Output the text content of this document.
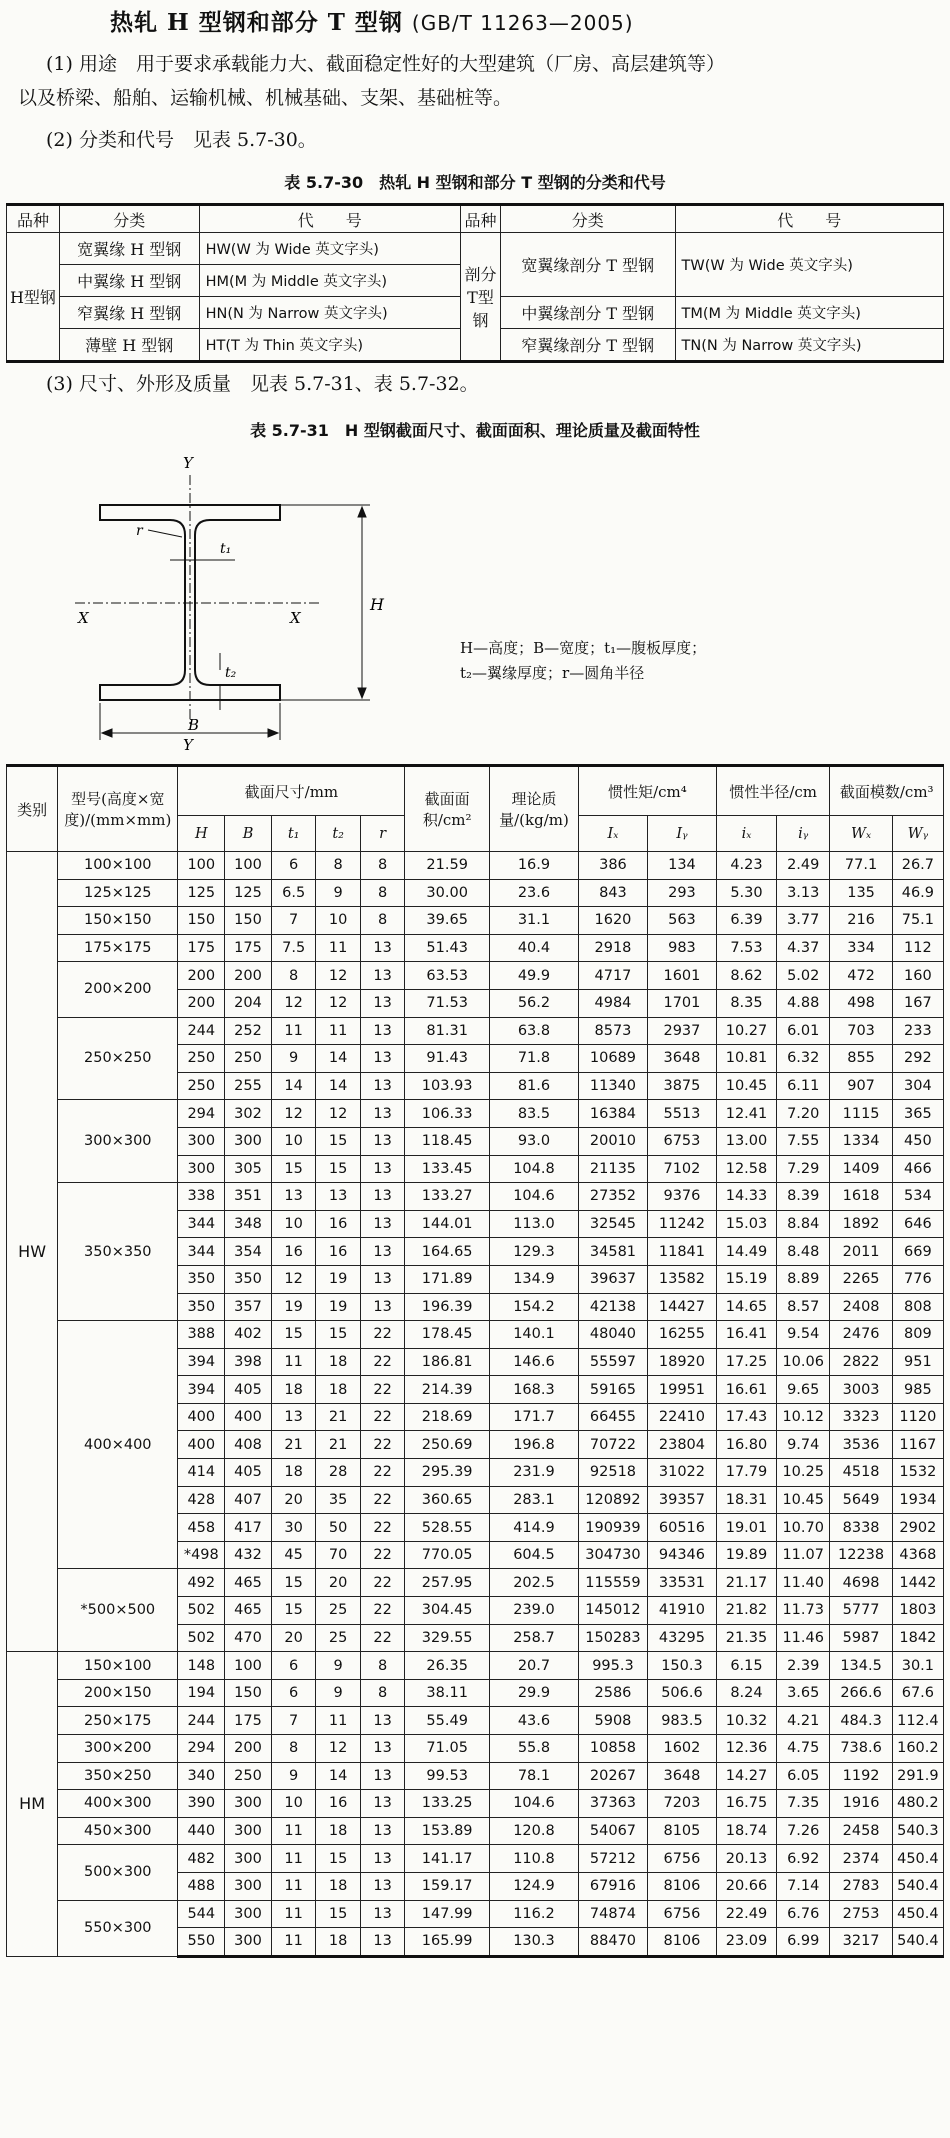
热轧 H 型钢和部分 T 型钢 (GB/T 11263—2005)
(1) 用途　用于要求承载能力大、截面稳定性好的大型建筑（厂房、高层建筑等）
以及桥梁、船舶、运输机械、机械基础、支架、基础桩等。
(2) 分类和代号　见表 5.7-30。
表 5.7-30　热轧 H 型钢和部分 T 型钢的分类和代号
品种	分类	代　　号	品种	分类	代　　号
H型钢	宽翼缘 H 型钢	HW(W 为 Wide 英文字头)	剖分T型钢	宽翼缘剖分 T 型钢	TW(W 为 Wide 英文字头)
	中翼缘 H 型钢	HM(M 为 Middle 英文字头)			
	窄翼缘 H 型钢	HN(N 为 Narrow 英文字头)		中翼缘剖分 T 型钢	TM(M 为 Middle 英文字头)
	薄壁 H 型钢	HT(T 为 Thin 英文字头)		窄翼缘剖分 T 型钢	TN(N 为 Narrow 英文字头)
(3) 尺寸、外形及质量　见表 5.7-31、表 5.7-32。
表 5.7-31　H 型钢截面尺寸、截面面积、理论质量及截面特性
Y
Y
X	X
r
t₁
t₂
H
B
H—高度；B—宽度；t₁—腹板厚度；
t₂—翼缘厚度；r—圆角半径
类别	型号(高度×宽度)/(mm×mm)	截面尺寸/mm					截面面积/cm²	理论质量/(kg/m)	惯性矩/cm⁴		惯性半径/cm		截面模数/cm³	
		H	B	t₁	t₂	r			Iₓ	Iᵧ	iₓ	iᵧ	Wₓ	Wᵧ
HW	100×100	100	100	6	8	8	21.59	16.9	386	134	4.23	2.49	77.1	26.7
	125×125	125	125	6.5	9	8	30.00	23.6	843	293	5.30	3.13	135	46.9
	150×150	150	150	7	10	8	39.65	31.1	1620	563	6.39	3.77	216	75.1
	175×175	175	175	7.5	11	13	51.43	40.4	2918	983	7.53	4.37	334	112
	200×200	200	200	8	12	13	63.53	49.9	4717	1601	8.62	5.02	472	160
		200	204	12	12	13	71.53	56.2	4984	1701	8.35	4.88	498	167
	250×250	244	252	11	11	13	81.31	63.8	8573	2937	10.27	6.01	703	233
		250	250	9	14	13	91.43	71.8	10689	3648	10.81	6.32	855	292
		250	255	14	14	13	103.93	81.6	11340	3875	10.45	6.11	907	304
	300×300	294	302	12	12	13	106.33	83.5	16384	5513	12.41	7.20	1115	365
		300	300	10	15	13	118.45	93.0	20010	6753	13.00	7.55	1334	450
		300	305	15	15	13	133.45	104.8	21135	7102	12.58	7.29	1409	466
	350×350	338	351	13	13	13	133.27	104.6	27352	9376	14.33	8.39	1618	534
		344	348	10	16	13	144.01	113.0	32545	11242	15.03	8.84	1892	646
		344	354	16	16	13	164.65	129.3	34581	11841	14.49	8.48	2011	669
		350	350	12	19	13	171.89	134.9	39637	13582	15.19	8.89	2265	776
		350	357	19	19	13	196.39	154.2	42138	14427	14.65	8.57	2408	808
	400×400	388	402	15	15	22	178.45	140.1	48040	16255	16.41	9.54	2476	809
		394	398	11	18	22	186.81	146.6	55597	18920	17.25	10.06	2822	951
		394	405	18	18	22	214.39	168.3	59165	19951	16.61	9.65	3003	985
		400	400	13	21	22	218.69	171.7	66455	22410	17.43	10.12	3323	1120
		400	408	21	21	22	250.69	196.8	70722	23804	16.80	9.74	3536	1167
		414	405	18	28	22	295.39	231.9	92518	31022	17.79	10.25	4518	1532
		428	407	20	35	22	360.65	283.1	120892	39357	18.31	10.45	5649	1934
		458	417	30	50	22	528.55	414.9	190939	60516	19.01	10.70	8338	2902
		*498	432	45	70	22	770.05	604.5	304730	94346	19.89	11.07	12238	4368
	*500×500	492	465	15	20	22	257.95	202.5	115559	33531	21.17	11.40	4698	1442
		502	465	15	25	22	304.45	239.0	145012	41910	21.82	11.73	5777	1803
		502	470	20	25	22	329.55	258.7	150283	43295	21.35	11.46	5987	1842
HM	150×100	148	100	6	9	8	26.35	20.7	995.3	150.3	6.15	2.39	134.5	30.1
	200×150	194	150	6	9	8	38.11	29.9	2586	506.6	8.24	3.65	266.6	67.6
	250×175	244	175	7	11	13	55.49	43.6	5908	983.5	10.32	4.21	484.3	112.4
	300×200	294	200	8	12	13	71.05	55.8	10858	1602	12.36	4.75	738.6	160.2
	350×250	340	250	9	14	13	99.53	78.1	20267	3648	14.27	6.05	1192	291.9
	400×300	390	300	10	16	13	133.25	104.6	37363	7203	16.75	7.35	1916	480.2
	450×300	440	300	11	18	13	153.89	120.8	54067	8105	18.74	7.26	2458	540.3
	500×300	482	300	11	15	13	141.17	110.8	57212	6756	20.13	6.92	2374	450.4
		488	300	11	18	13	159.17	124.9	67916	8106	20.66	7.14	2783	540.4
	550×300	544	300	11	15	13	147.99	116.2	74874	6756	22.49	6.76	2753	450.4
		550	300	11	18	13	165.99	130.3	88470	8106	23.09	6.99	3217	540.4
